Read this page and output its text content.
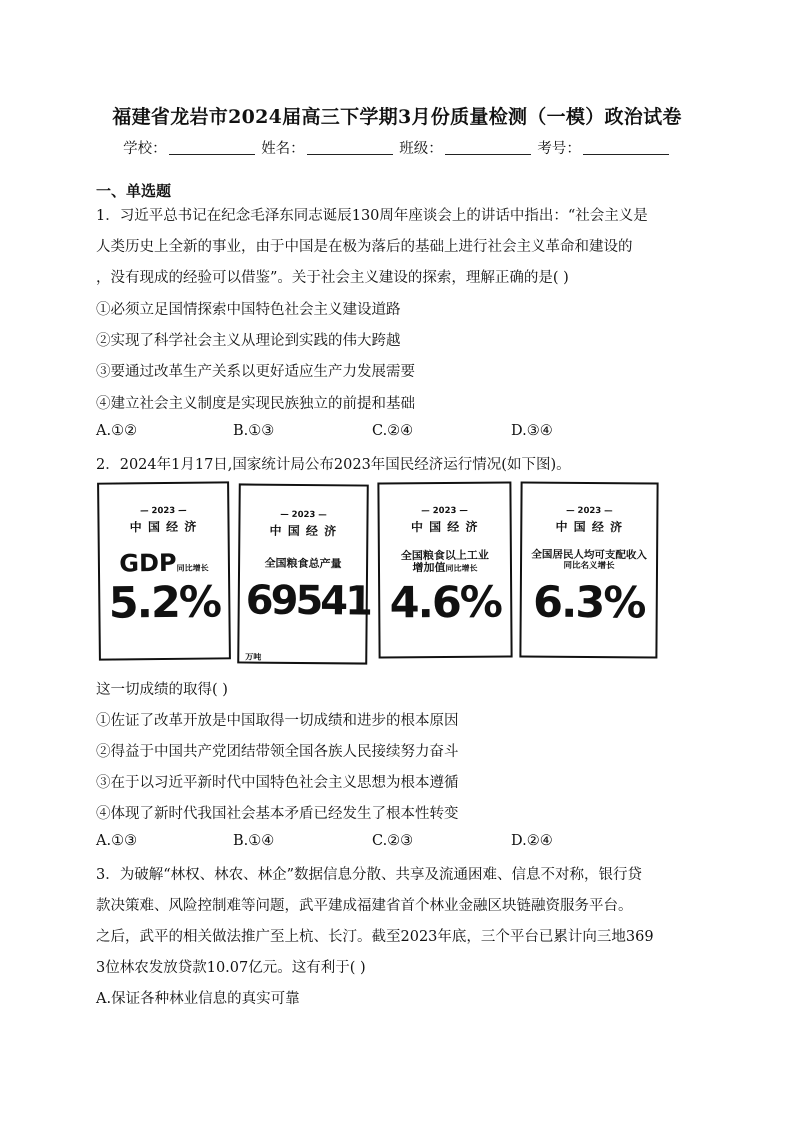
福建省龙岩市2024届高三下学期3月份质量检测（一模）政治试卷
学校：	姓名：	班级：	考号：
一、单选题
1．习近平总书记在纪念毛泽东同志诞辰130周年座谈会上的讲话中指出：“社会主义是
人类历史上全新的事业，由于中国是在极为落后的基础上进行社会主义革命和建设的
，没有现成的经验可以借鉴”。关于社会主义建设的探索，理解正确的是( )
①必须立足国情探索中国特色社会主义建设道路
②实现了科学社会主义从理论到实践的伟大跨越
③要通过改革生产关系以更好适应生产力发展需要
④建立社会主义制度是实现民族独立的前提和基础
A.①②	B.①③	C.②④	D.③④
2．2024年1月17日,国家统计局公布2023年国民经济运行情况(如下图)。
— 2023 —
中 国 经 济
GDP同比增长
5.2%
— 2023 —
中 国 经 济
全国粮食总产量
69541万吨
— 2023 —
中 国 经 济
全国粮食以上工业
增加值同比增长
4.6%
— 2023 —
中 国 经 济
全国居民人均可支配收入
同比名义增长
6.3%
这一切成绩的取得( )
①佐证了改革开放是中国取得一切成绩和进步的根本原因
②得益于中国共产党团结带领全国各族人民接续努力奋斗
③在于以习近平新时代中国特色社会主义思想为根本遵循
④体现了新时代我国社会基本矛盾已经发生了根本性转变
A.①③	B.①④	C.②③	D.②④
3．为破解“林权、林农、林企”数据信息分散、共享及流通困难、信息不对称，银行贷
款决策难、风险控制难等问题，武平建成福建省首个林业金融区块链融资服务平台。
之后，武平的相关做法推广至上杭、长汀。截至2023年底，三个平台已累计向三地369
3位林农发放贷款10.07亿元。这有利于( )
A.保证各种林业信息的真实可靠
